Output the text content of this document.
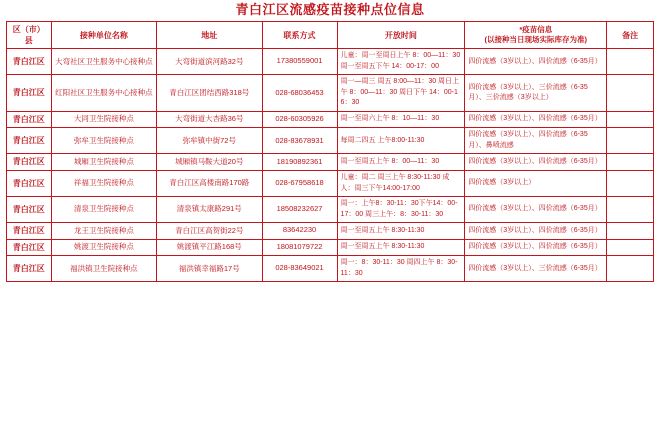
青白江区流感疫苗接种点位信息
区（市）县	接种单位名称	地址	联系方式	开放时间	*疫苗信息
(以接种当日现场实际库存为准)	备注
青白江区	大弯社区卫生服务中心接种点	大弯街道滨河路32号	17380559001	儿童：周一至周日上午 8：00—11：30 周一至周五下午 14：00-17：00	四价流感（3岁以上）、四价流感（6-35月）	
青白江区	红阳社区卫生服务中心接种点	青白江区团结西路318号	028-68036453	周一—周三 周五 8:00—11：30 周日上午 8：00—11：30 周日下午 14：00-16：30	四价流感（3岁以上）、三价流感（6-35月）、三价流感（3岁以上）	
青白江区	大同卫生院接种点	大弯街道大杏路36号	028-60305926	周一至周六上午 8：10—11：30	四价流感（3岁以上）、四价流感（6-35月）	
青白江区	弥牟卫生院接种点	弥牟镇中街72号	028-83678931	每周二四五 上午8:00-11:30	四价流感（3岁以上）、四价流感（6-35月）、鼻喷流感	
青白江区	城厢卫生院接种点	城厢镇马鞍大道20号	18190892361	周一至周五上午 8：00—11：30	四价流感（3岁以上）、四价流感（6-35月）	
青白江区	祥福卫生院接种点	青白江区高楼南路170路	028-67958618	儿童：周二 周三上午 8:30-11:30 成人：周三下午14:00-17:00	四价流感（3岁以上）	
青白江区	清泉卫生院接种点	清泉镇太康路291号	18508232627	周一：上午8：30-11：30下午14：00-17：00 周三上午：8：30-11：30	四价流感（3岁以上）、四价流感（6-35月）	
青白江区	龙王卫生院接种点	青白江区高贺街22号	83642230	周一至周五上午 8:30-11:30	四价流感（3岁以上）、四价流感（6-35月）	
青白江区	姚渡卫生院接种点	姚渡镇平江路168号	18081079722	周一至周五上午 8:30-11:30	四价流感（3岁以上）、四价流感（6-35月）	
青白江区	福洪镇卫生院接种点	福洪镇幸福路17号	028-83649021	周一：8：30-11：30 周四上午 8：30-11：30	四价流感（3岁以上）、三价流感（6-35月）	
